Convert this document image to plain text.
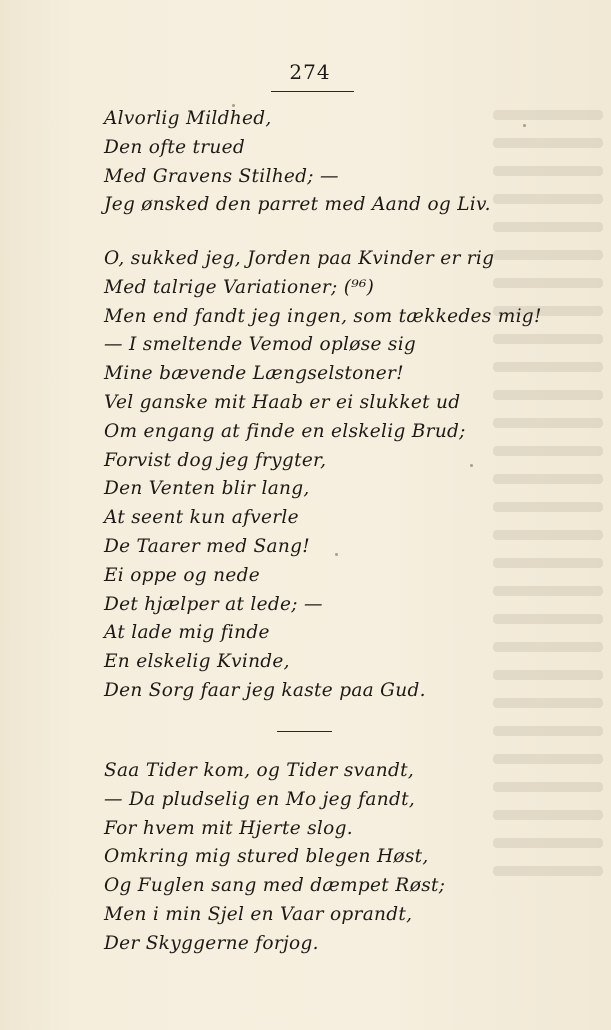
274
Alvorlig Mildhed,
Den ofte trued
Med Gravens Stilhed; —
Jeg ønsked den parret med Aand og Liv.
O, sukked jeg, Jorden paa Kvinder er rig
Med talrige Variationer; (⁹⁶)
Men end fandt jeg ingen, som tækkedes mig!
— I smeltende Vemod opløse sig
Mine bævende Længselstoner!
Vel ganske mit Haab er ei slukket ud
Om engang at finde en elskelig Brud;
Forvist dog jeg frygter,
Den Venten blir lang,
At seent kun afverle
De Taarer med Sang!
Ei oppe og nede
Det hjælper at lede; —
At lade mig finde
En elskelig Kvinde,
Den Sorg faar jeg kaste paa Gud.
Saa Tider kom, og Tider svandt,
— Da pludselig en Mo jeg fandt,
For hvem mit Hjerte slog.
Omkring mig stured blegen Høst,
Og Fuglen sang med dæmpet Røst;
Men i min Sjel en Vaar oprandt,
Der Skyggerne forjog.
